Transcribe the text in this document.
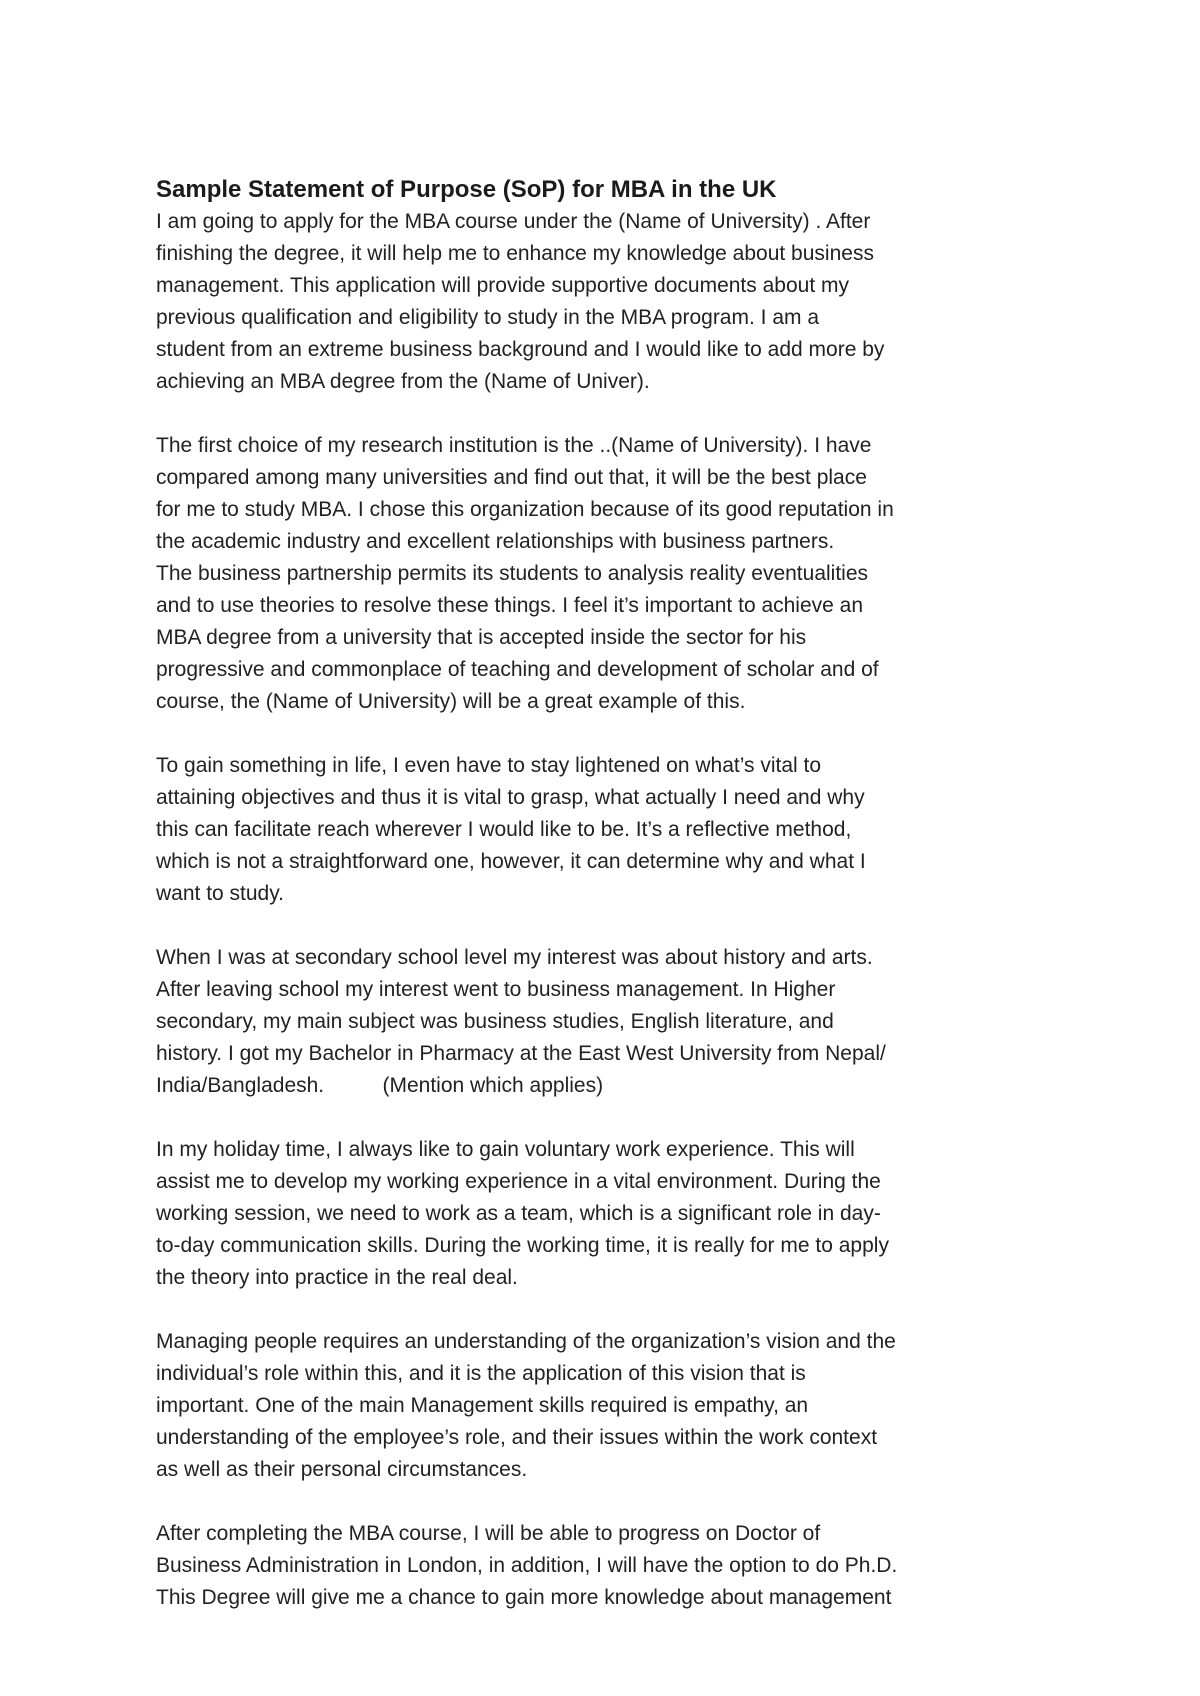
Sample Statement of Purpose (SoP) for MBA in the UK
I am going to apply for the MBA course under the (Name of University) . After
finishing the degree, it will help me to enhance my knowledge about business
management. This application will provide supportive documents about my
previous qualification and eligibility to study in the MBA program. I am a
student from an extreme business background and I would like to add more by
achieving an MBA degree from the (Name of Univer).
The first choice of my research institution is the ..(Name of University). I have
compared among many universities and find out that, it will be the best place
for me to study MBA. I chose this organization because of its good reputation in
the academic industry and excellent relationships with business partners.
The business partnership permits its students to analysis reality eventualities
and to use theories to resolve these things. I feel it’s important to achieve an
MBA degree from a university that is accepted inside the sector for his
progressive and commonplace of teaching and development of scholar and of
course, the (Name of University) will be a great example of this.
To gain something in life, I even have to stay lightened on what’s vital to
attaining objectives and thus it is vital to grasp, what actually I need and why
this can facilitate reach wherever I would like to be. It’s a reflective method,
which is not a straightforward one, however, it can determine why and what I
want to study.
When I was at secondary school level my interest was about history and arts.
After leaving school my interest went to business management. In Higher
secondary, my main subject was business studies, English literature, and
history. I got my Bachelor in Pharmacy at the East West University from Nepal/
India/Bangladesh.          (Mention which applies)
In my holiday time, I always like to gain voluntary work experience. This will
assist me to develop my working experience in a vital environment. During the
working session, we need to work as a team, which is a significant role in day-
to-day communication skills. During the working time, it is really for me to apply
the theory into practice in the real deal.
Managing people requires an understanding of the organization’s vision and the
individual’s role within this, and it is the application of this vision that is
important. One of the main Management skills required is empathy, an
understanding of the employee’s role, and their issues within the work context
as well as their personal circumstances.
After completing the MBA course, I will be able to progress on Doctor of
Business Administration in London, in addition, I will have the option to do Ph.D.
This Degree will give me a chance to gain more knowledge about management
